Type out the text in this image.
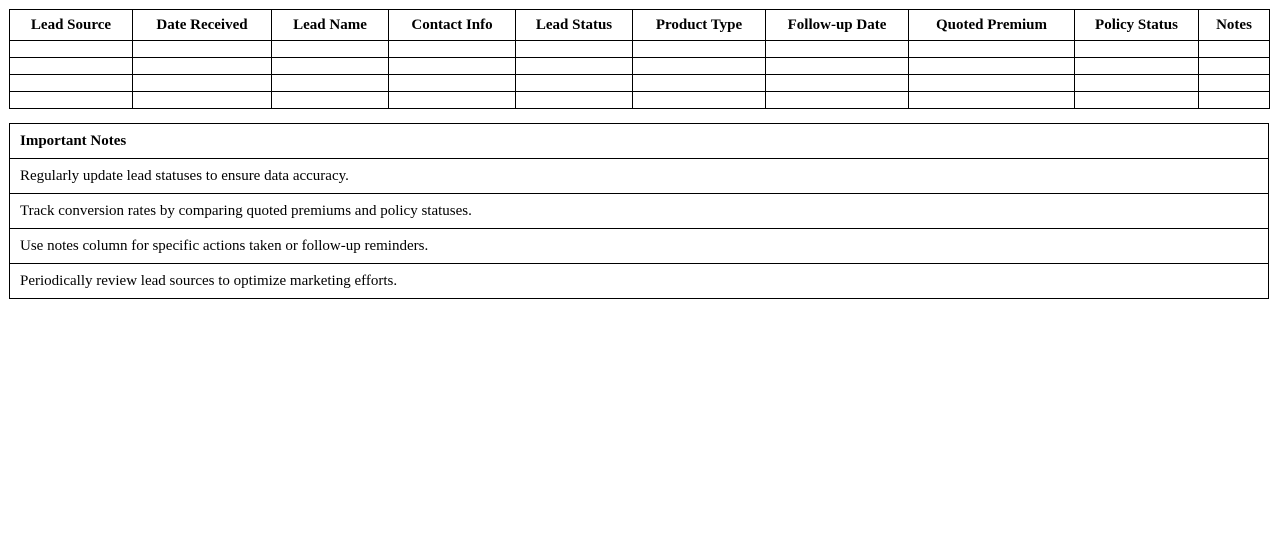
Lead Source	Date Received	Lead Name	Contact Info	Lead Status	Product Type	Follow-up Date	Quoted Premium	Policy Status	Notes

Important Notes
Regularly update lead statuses to ensure data accuracy.
Track conversion rates by comparing quoted premiums and policy statuses.
Use notes column for specific actions taken or follow-up reminders.
Periodically review lead sources to optimize marketing efforts.
